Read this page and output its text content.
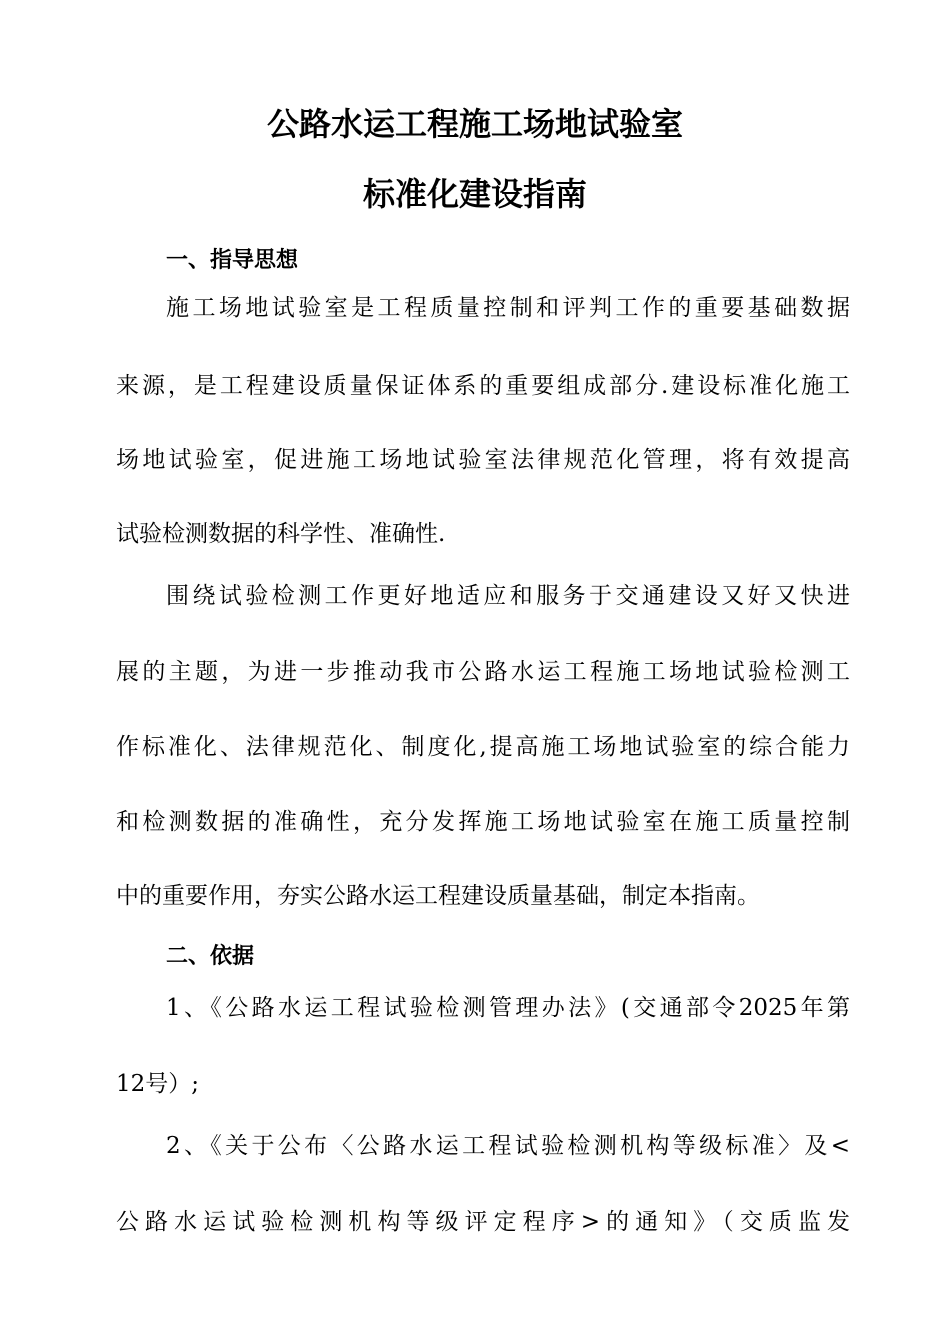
公路水运工程施工场地试验室
标准化建设指南
一、指导思想
施工场地试验室是工程质量控制和评判工作的重要基础数据
来源，是工程建设质量保证体系的重要组成部分.建设标准化施工
场地试验室，促进施工场地试验室法律规范化管理，将有效提高
试验检测数据的科学性、准确性.
围绕试验检测工作更好地适应和服务于交通建设又好又快进
展的主题，为进一步推动我市公路水运工程施工场地试验检测工
作标准化、法律规范化、制度化,提高施工场地试验室的综合能力
和检测数据的准确性，充分发挥施工场地试验室在施工质量控制
中的重要作用，夯实公路水运工程建设质量基础，制定本指南。
二、依据
1、《公路水运工程试验检测管理办法》(交通部令2025年第
12号）;
2、《关于公布〈公路水运工程试验检测机构等级标准〉及<
公路水运试验检测机构等级评定程序>的通知》（交质监发
